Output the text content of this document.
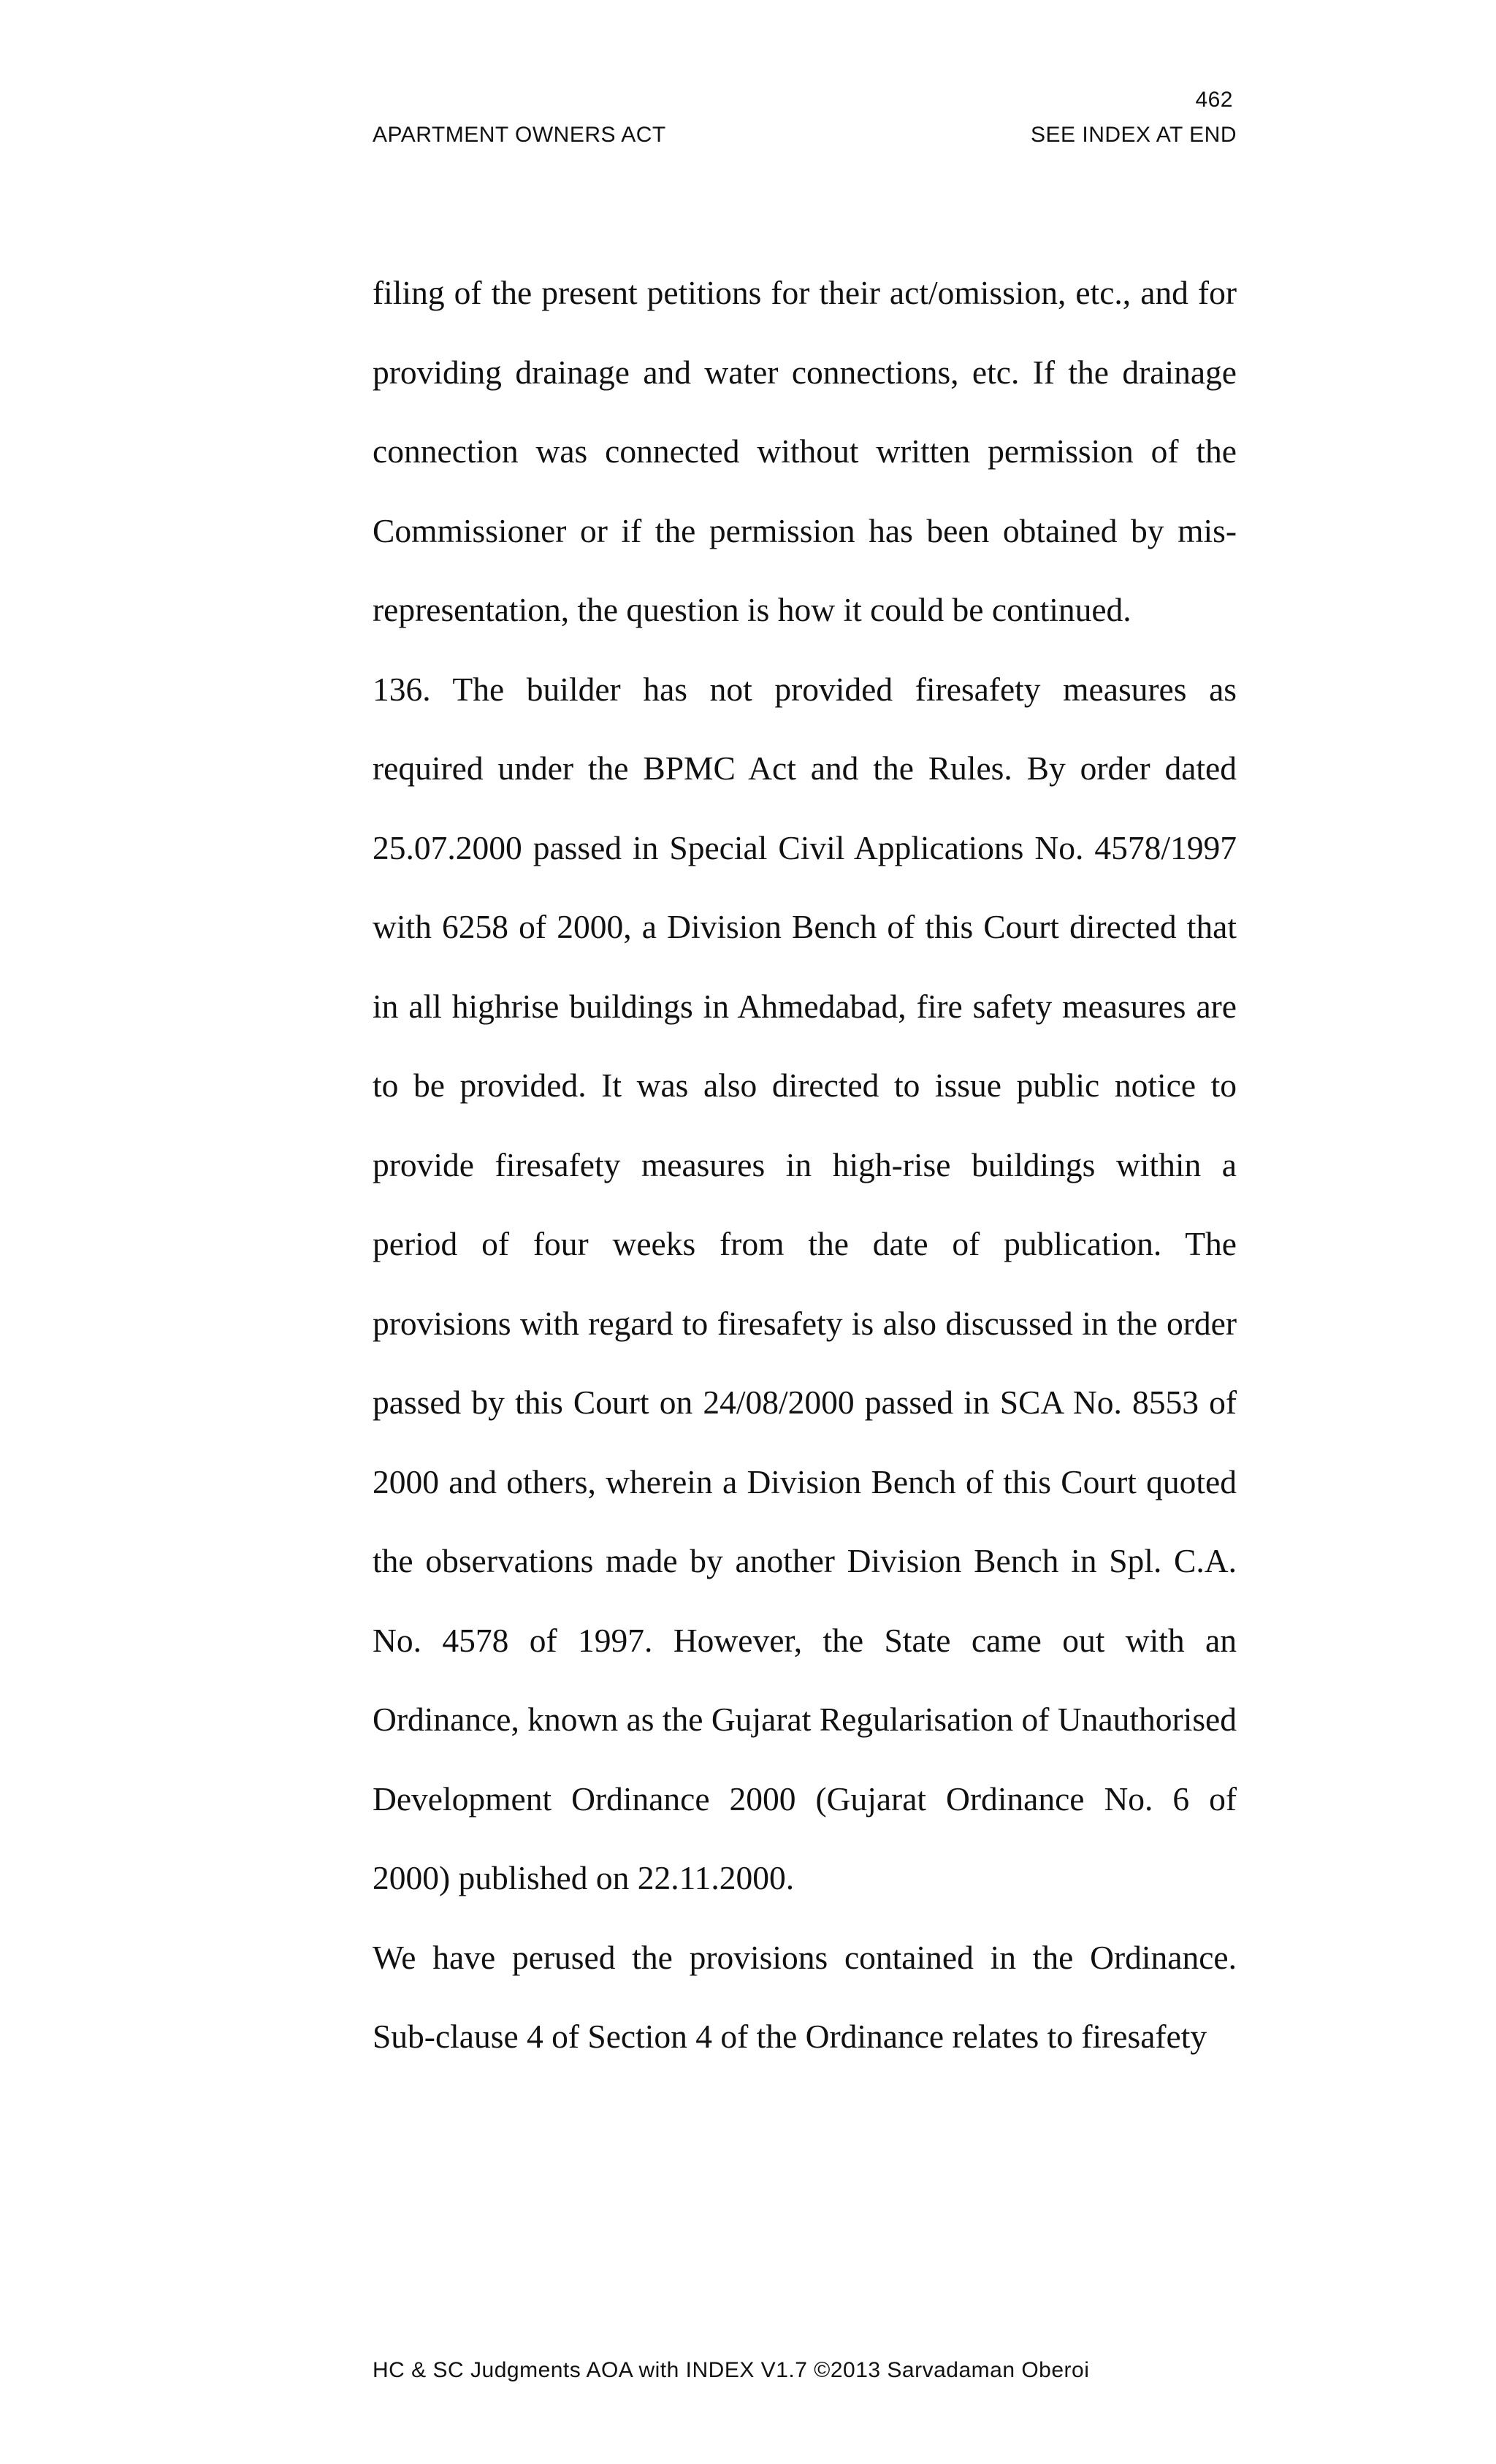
462
APARTMENT OWNERS ACT	SEE INDEX AT END

filing of the present petitions for their act/omission, etc., and for providing drainage and water connections, etc. If the drainage connection was connected without written permission of the Commissioner or if the permission has been obtained by mis-representation, the question is how it could be continued.

136. The builder has not provided firesafety measures as required under the BPMC Act and the Rules. By order dated 25.07.2000 passed in Special Civil Applications No. 4578/1997 with 6258 of 2000, a Division Bench of this Court directed that in all highrise buildings in Ahmedabad, fire safety measures are to be provided. It was also directed to issue public notice to provide firesafety measures in high-rise buildings within a period of four weeks from the date of publication. The provisions with regard to firesafety is also discussed in the order passed by this Court on 24/08/2000 passed in SCA No. 8553 of 2000 and others, wherein a Division Bench of this Court quoted the observations made by another Division Bench in Spl. C.A. No. 4578 of 1997. However, the State came out with an Ordinance, known as the Gujarat Regularisation of Unauthorised Development Ordinance 2000 (Gujarat Ordinance No. 6 of 2000) published on 22.11.2000.

We have perused the provisions contained in the Ordinance. Sub-clause 4 of Section 4 of the Ordinance relates to firesafety

HC & SC Judgments AOA with INDEX V1.7 ©2013 Sarvadaman Oberoi
